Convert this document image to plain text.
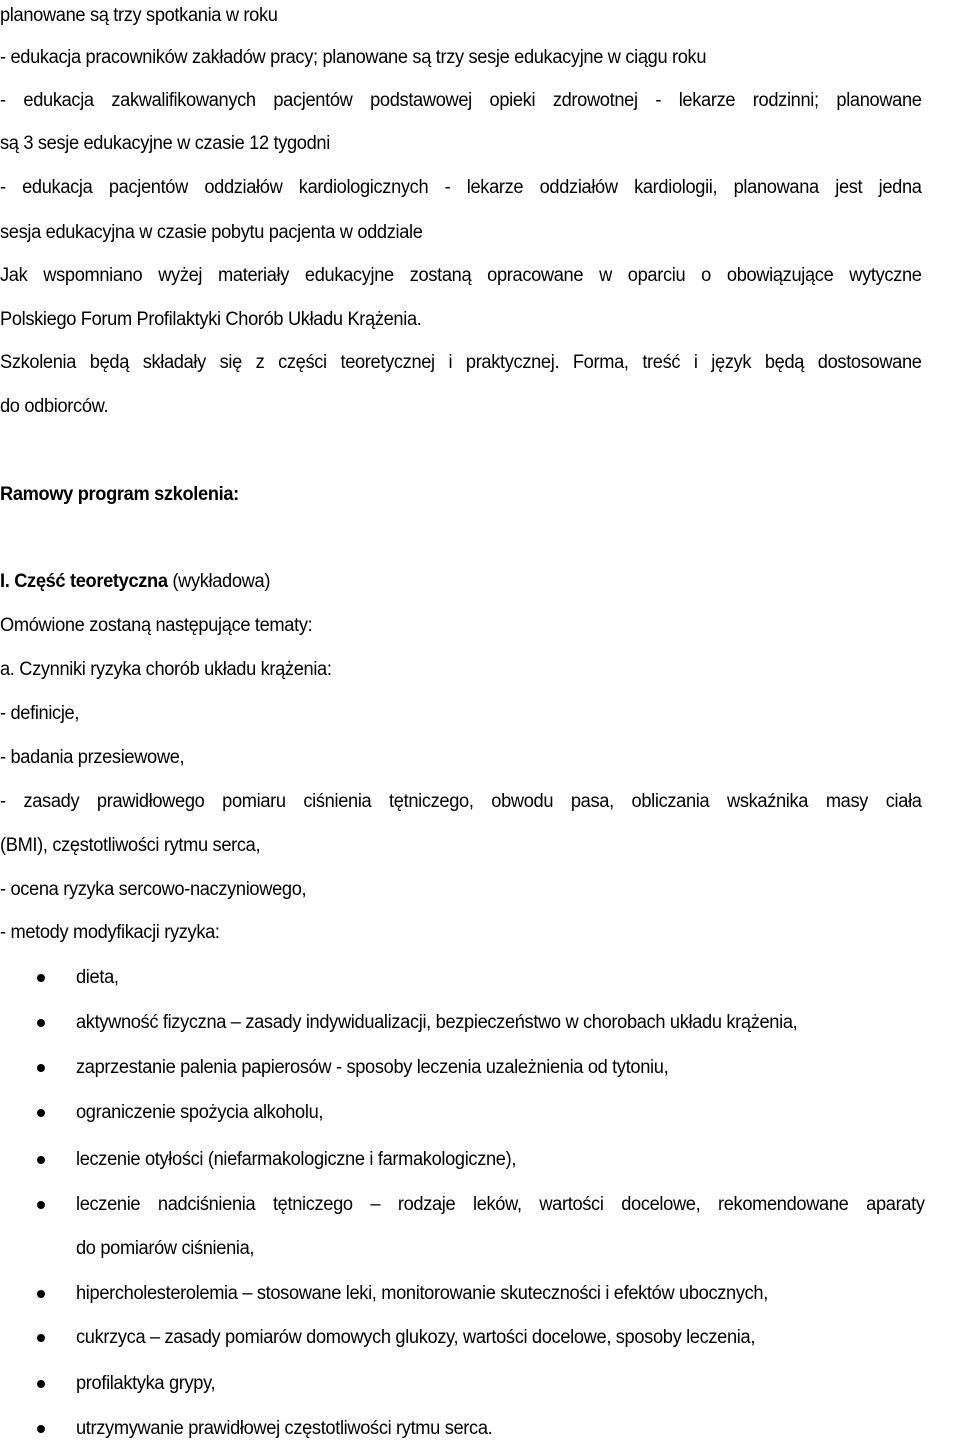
planowane są trzy spotkania w roku
- edukacja pracowników zakładów pracy; planowane są trzy sesje edukacyjne w ciągu roku
- edukacja zakwalifikowanych pacjentów podstawowej opieki zdrowotnej - lekarze rodzinni; planowane
są 3 sesje edukacyjne w czasie 12 tygodni
- edukacja pacjentów oddziałów kardiologicznych - lekarze oddziałów kardiologii, planowana jest jedna
sesja edukacyjna w czasie pobytu pacjenta w oddziale
Jak wspomniano wyżej materiały edukacyjne zostaną opracowane w oparciu o obowiązujące wytyczne
Polskiego Forum Profilaktyki Chorób Układu Krążenia.
Szkolenia będą składały się z części teoretycznej i praktycznej. Forma, treść i język będą dostosowane
do odbiorców.
Ramowy program szkolenia:
I. Część teoretyczna (wykładowa)
Omówione zostaną następujące tematy:
a. Czynniki ryzyka chorób układu krążenia:
- definicje,
- badania przesiewowe,
- zasady prawidłowego pomiaru ciśnienia tętniczego, obwodu pasa, obliczania wskaźnika masy ciała
(BMI), częstotliwości rytmu serca,
- ocena ryzyka sercowo-naczyniowego,
- metody modyfikacji ryzyka:
dieta,
aktywność fizyczna – zasady indywidualizacji, bezpieczeństwo w chorobach układu krążenia,
zaprzestanie palenia papierosów - sposoby leczenia uzależnienia od tytoniu,
ograniczenie spożycia alkoholu,
leczenie otyłości (niefarmakologiczne i farmakologiczne),
leczenie nadciśnienia tętniczego – rodzaje leków, wartości docelowe, rekomendowane aparaty
do pomiarów ciśnienia,
hipercholesterolemia – stosowane leki, monitorowanie skuteczności i efektów ubocznych,
cukrzyca – zasady pomiarów domowych glukozy, wartości docelowe, sposoby leczenia,
profilaktyka grypy,
utrzymywanie prawidłowej częstotliwości rytmu serca.
